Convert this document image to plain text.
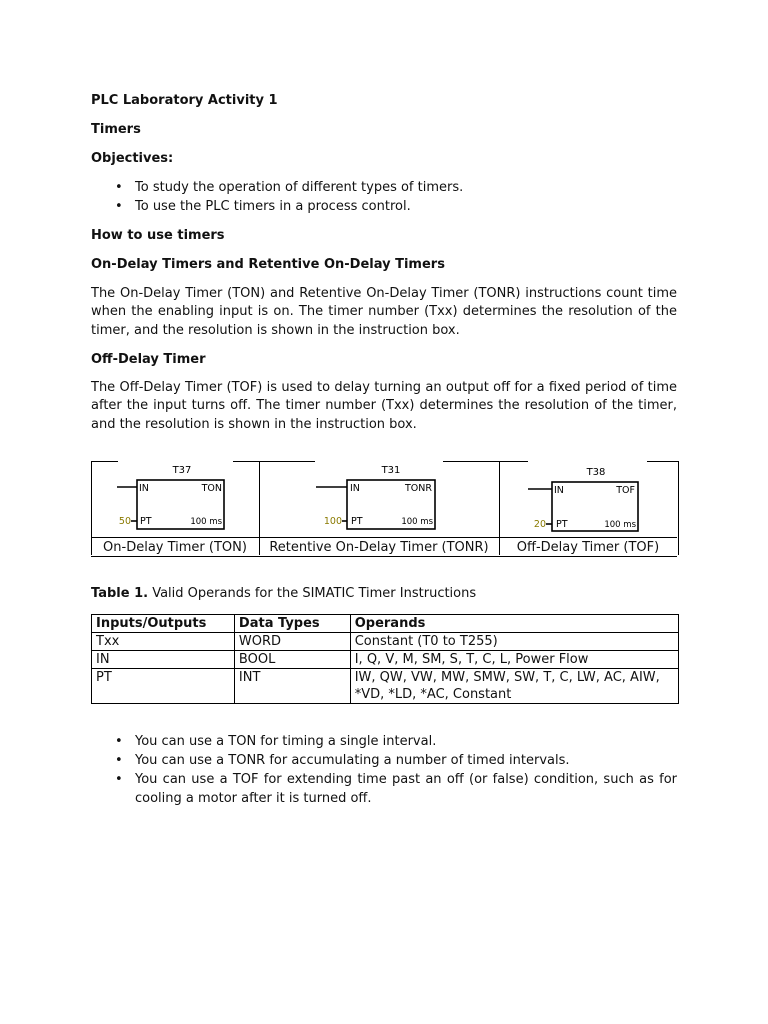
PLC Laboratory Activity 1
Timers
Objectives:
• To study the operation of different types of timers.
• To use the PLC timers in a process control.
How to use timers
On-Delay Timers and Retentive On-Delay Timers
The On-Delay Timer (TON) and Retentive On-Delay Timer (TONR) instructions count time when the enabling input is on. The timer number (Txx) determines the resolution of the timer, and the resolution is shown in the instruction box.
Off-Delay Timer
The Off-Delay Timer (TOF) is used to delay turning an output off for a fixed period of time after the input turns off. The timer number (Txx) determines the resolution of the timer, and the resolution is shown in the instruction box.
T37
IN	TON
PT
50	100 ms
T31
IN	TONR
PT
100	100 ms
T38
IN	TOF
PT
20	100 ms
On-Delay Timer (TON)	Retentive On-Delay Timer (TONR)	Off-Delay Timer (TOF)
Table 1. Valid Operands for the SIMATIC Timer Instructions
Inputs/Outputs	Data Types	Operands
Txx	WORD	Constant (T0 to T255)
IN	BOOL	I, Q, V, M, SM, S, T, C, L, Power Flow
PT	INT	IW, QW, VW, MW, SMW, SW, T, C, LW, AC, AIW, *VD, *LD, *AC, Constant
• You can use a TON for timing a single interval.
• You can use a TONR for accumulating a number of timed intervals.
• You can use a TOF for extending time past an off (or false) condition, such as for cooling a motor after it is turned off.
